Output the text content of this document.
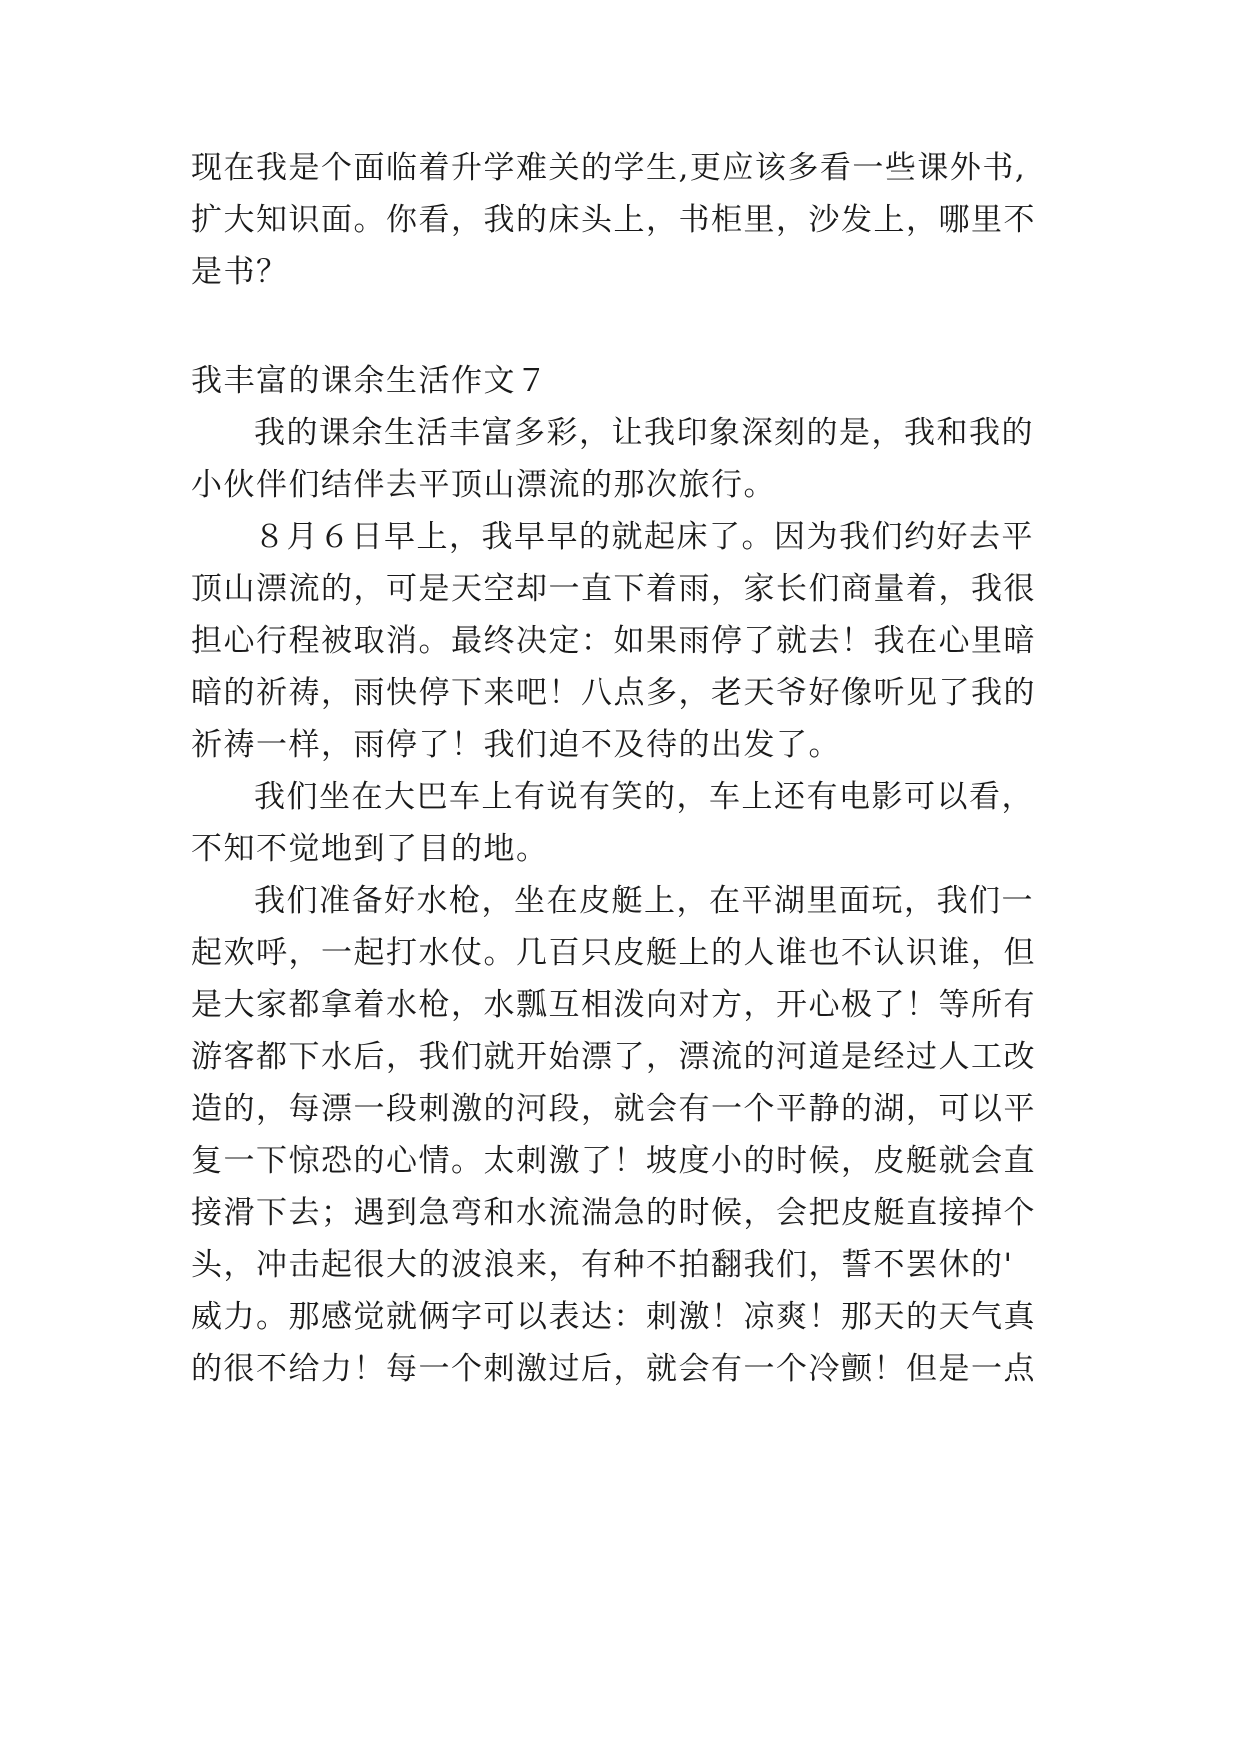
现在我是个面临着升学难关的学生,更应该多看一些课外书,
扩大知识面。你看，我的床头上，书柜里，沙发上，哪里不
是书？
我丰富的课余生活作文７
我的课余生活丰富多彩，让我印象深刻的是，我和我的
小伙伴们结伴去平顶山漂流的那次旅行。
８月６日早上，我早早的就起床了。因为我们约好去平
顶山漂流的，可是天空却一直下着雨，家长们商量着，我很
担心行程被取消。最终决定：如果雨停了就去！我在心里暗
暗的祈祷，雨快停下来吧！八点多，老天爷好像听见了我的
祈祷一样，雨停了！我们迫不及待的出发了。
我们坐在大巴车上有说有笑的，车上还有电影可以看，
不知不觉地到了目的地。
我们准备好水枪，坐在皮艇上，在平湖里面玩，我们一
起欢呼，一起打水仗。几百只皮艇上的人谁也不认识谁，但
是大家都拿着水枪，水瓢互相泼向对方，开心极了！等所有
游客都下水后，我们就开始漂了，漂流的河道是经过人工改
造的，每漂一段刺激的河段，就会有一个平静的湖，可以平
复一下惊恐的心情。太刺激了！坡度小的时候，皮艇就会直
接滑下去；遇到急弯和水流湍急的时候，会把皮艇直接掉个
头，冲击起很大的波浪来，有种不拍翻我们，誓不罢休的'
威力。那感觉就俩字可以表达：刺激！凉爽！那天的天气真
的很不给力！每一个刺激过后，就会有一个冷颤！但是一点
